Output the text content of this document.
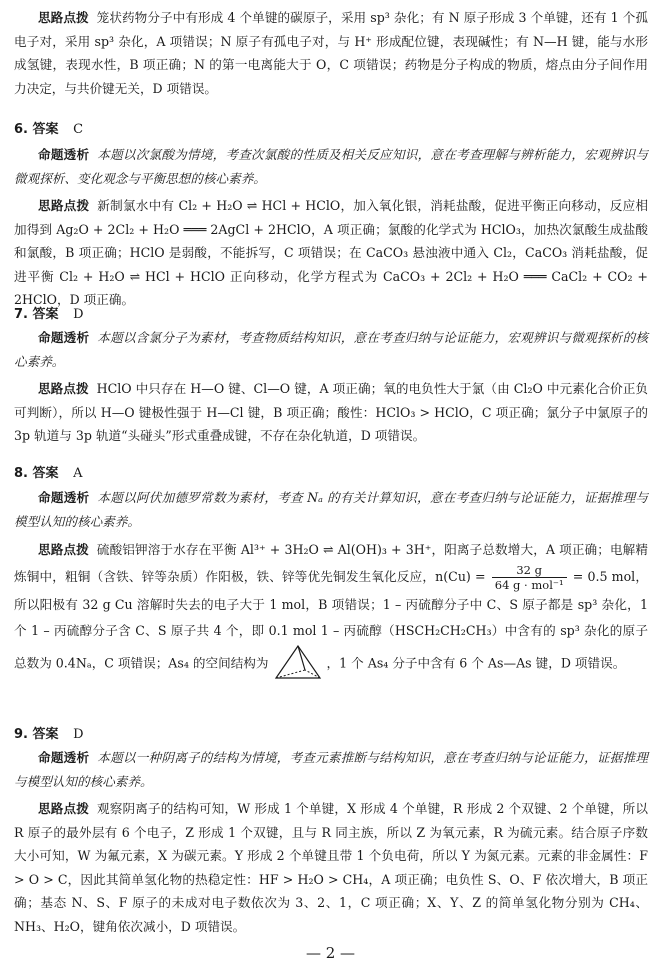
思路点拨 笼状药物分子中有形成 4 个单键的碳原子，采用 sp³ 杂化；有 N 原子形成 3 个单键，还有 1 个孤电子对，采用 sp³ 杂化，A 项错误；N 原子有孤电子对，与 H⁺ 形成配位键，表现碱性；有 N—H 键，能与水形成氢键，表现水性，B 项正确；N 的第一电离能大于 O，C 项错误；药物是分子构成的物质，熔点由分子间作用力决定，与共价键无关，D 项错误。
6. 答案 C
命题透析 本题以次氯酸为情境，考查次氯酸的性质及相关反应知识，意在考查理解与辨析能力，宏观辨识与微观探析、变化观念与平衡思想的核心素养。
思路点拨 新制氯水中有 Cl₂ + H₂O ⇌ HCl + HClO，加入氧化银，消耗盐酸，促进平衡正向移动，反应相加得到 Ag₂O + 2Cl₂ + H₂O ═══ 2AgCl + 2HClO，A 项正确；氯酸的化学式为 HClO₃，加热次氯酸生成盐酸和氯酸，B 项正确；HClO 是弱酸，不能拆写，C 项错误；在 CaCO₃ 悬浊液中通入 Cl₂，CaCO₃ 消耗盐酸，促进平衡 Cl₂ + H₂O ⇌ HCl + HClO 正向移动，化学方程式为 CaCO₃ + 2Cl₂ + H₂O ═══ CaCl₂ + CO₂ + 2HClO，D 项正确。
7. 答案 D
命题透析 本题以含氯分子为素材，考查物质结构知识，意在考查归纳与论证能力，宏观辨识与微观探析的核心素养。
思路点拨 HClO 中只存在 H—O 键、Cl—O 键，A 项正确；氧的电负性大于氯（由 Cl₂O 中元素化合价正负可判断），所以 H—O 键极性强于 H—Cl 键，B 项正确；酸性：HClO₃ > HClO，C 项正确；氯分子中氯原子的 3p 轨道与 3p 轨道“头碰头”形式重叠成键，不存在杂化轨道，D 项错误。
8. 答案 A
命题透析 本题以阿伏加德罗常数为素材，考查 Nₐ 的有关计算知识，意在考查归纳与论证能力，证据推理与模型认知的核心素养。
思路点拨 硫酸铝钾溶于水存在平衡 Al³⁺ + 3H₂O ⇌ Al(OH)₃ + 3H⁺，阳离子总数增大，A 项正确；电解精炼铜中，粗铜（含铁、锌等杂质）作阳极，铁、锌等优先铜发生氧化反应，n(Cu) =	32 g
64 g · mol⁻¹
= 0.5 mol，所以阳极有 32 g Cu 溶解时失去的电子大于 1 mol，B 项错误；1 – 丙硫醇分子中 C、S 原子都是 sp³ 杂化，1 个 1 – 丙硫醇分子含 C、S 原子共 4 个，即 0.1 mol 1 – 丙硫醇（HSCH₂CH₂CH₃）中含有的 sp³ 杂化的原子总数为 0.4Nₐ，C 项错误；As₄ 的空间结构为	，1 个 As₄ 分子中含有 6 个 As—As 键，D 项错误。
9. 答案 D
命题透析 本题以一种阴离子的结构为情境，考查元素推断与结构知识，意在考查归纳与论证能力，证据推理与模型认知的核心素养。
思路点拨 观察阴离子的结构可知，W 形成 1 个单键，X 形成 4 个单键，R 形成 2 个双键、2 个单键，所以 R 原子的最外层有 6 个电子，Z 形成 1 个双键，且与 R 同主族，所以 Z 为氧元素，R 为硫元素。结合原子序数大小可知，W 为氟元素，X 为碳元素。Y 形成 2 个单键且带 1 个负电荷，所以 Y 为氮元素。元素的非金属性：F > O > C，因此其简单氢化物的热稳定性：HF > H₂O > CH₄，A 项正确；电负性 S、O、F 依次增大，B 项正确；基态 N、S、F 原子的未成对电子数依次为 3、2、1，C 项正确；X、Y、Z 的简单氢化物分别为 CH₄、NH₃、H₂O，键角依次减小，D 项错误。
— 2 —
